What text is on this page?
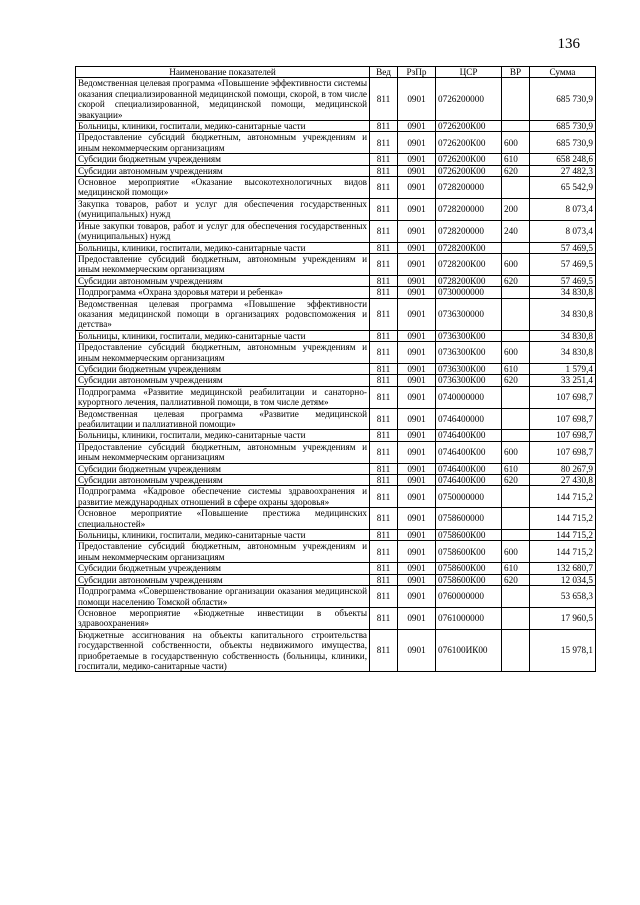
136
Наименование показателей	Вед	РзПр	ЦСР	ВР	Сумма
Ведомственная целевая программа «Повышение эффективности системы оказания специализированной медицинской помощи, скорой, в том числе скорой специализированной, медицинской помощи, медицинской эвакуации»	811	0901	0726200000		685 730,9
Больницы, клиники, госпитали, медико-санитарные части	811	0901	0726200К00		685 730,9
Предоставление субсидий бюджетным, автономным учреждениям и иным некоммерческим организациям	811	0901	0726200К00	600	685 730,9
Субсидии бюджетным учреждениям	811	0901	0726200К00	610	658 248,6
Субсидии автономным учреждениям	811	0901	0726200К00	620	27 482,3
Основное мероприятие «Оказание высокотехнологичных видов медицинской помощи»	811	0901	0728200000		65 542,9
Закупка товаров, работ и услуг для обеспечения государственных (муниципальных) нужд	811	0901	0728200000	200	8 073,4
Иные закупки товаров, работ и услуг для обеспечения государственных (муниципальных) нужд	811	0901	0728200000	240	8 073,4
Больницы, клиники, госпитали, медико-санитарные части	811	0901	0728200К00		57 469,5
Предоставление субсидий бюджетным, автономным учреждениям и иным некоммерческим организациям	811	0901	0728200К00	600	57 469,5
Субсидии автономным учреждениям	811	0901	0728200К00	620	57 469,5
Подпрограмма «Охрана здоровья матери и ребенка»	811	0901	0730000000		34 830,8
Ведомственная целевая программа «Повышение эффективности оказания медицинской помощи в организациях родовспоможения и детства»	811	0901	0736300000		34 830,8
Больницы, клиники, госпитали, медико-санитарные части	811	0901	0736300К00		34 830,8
Предоставление субсидий бюджетным, автономным учреждениям и иным некоммерческим организациям	811	0901	0736300К00	600	34 830,8
Субсидии бюджетным учреждениям	811	0901	0736300К00	610	1 579,4
Субсидии автономным учреждениям	811	0901	0736300К00	620	33 251,4
Подпрограмма «Развитие медицинской реабилитации и санаторно-курортного лечения, паллиативной помощи, в том числе детям»	811	0901	0740000000		107 698,7
Ведомственная целевая программа «Развитие медицинской реабилитации и паллиативной помощи»	811	0901	0746400000		107 698,7
Больницы, клиники, госпитали, медико-санитарные части	811	0901	0746400К00		107 698,7
Предоставление субсидий бюджетным, автономным учреждениям и иным некоммерческим организациям	811	0901	0746400К00	600	107 698,7
Субсидии бюджетным учреждениям	811	0901	0746400К00	610	80 267,9
Субсидии автономным учреждениям	811	0901	0746400К00	620	27 430,8
Подпрограмма «Кадровое обеспечение системы здравоохранения и развитие международных отношений в сфере охраны здоровья»	811	0901	0750000000		144 715,2
Основное мероприятие «Повышение престижа медицинских специальностей»	811	0901	0758600000		144 715,2
Больницы, клиники, госпитали, медико-санитарные части	811	0901	0758600К00		144 715,2
Предоставление субсидий бюджетным, автономным учреждениям и иным некоммерческим организациям	811	0901	0758600К00	600	144 715,2
Субсидии бюджетным учреждениям	811	0901	0758600К00	610	132 680,7
Субсидии автономным учреждениям	811	0901	0758600К00	620	12 034,5
Подпрограмма «Совершенствование организации оказания медицинской помощи населению Томской области»	811	0901	0760000000		53 658,3
Основное мероприятие «Бюджетные инвестиции в объекты здравоохранения»	811	0901	0761000000		17 960,5
Бюджетные ассигнования на объекты капитального строительства государственной собственности, объекты недвижимого имущества, приобретаемые в государственную собственность (больницы, клиники, госпитали, медико-санитарные части)	811	0901	076100ИК00		15 978,1
